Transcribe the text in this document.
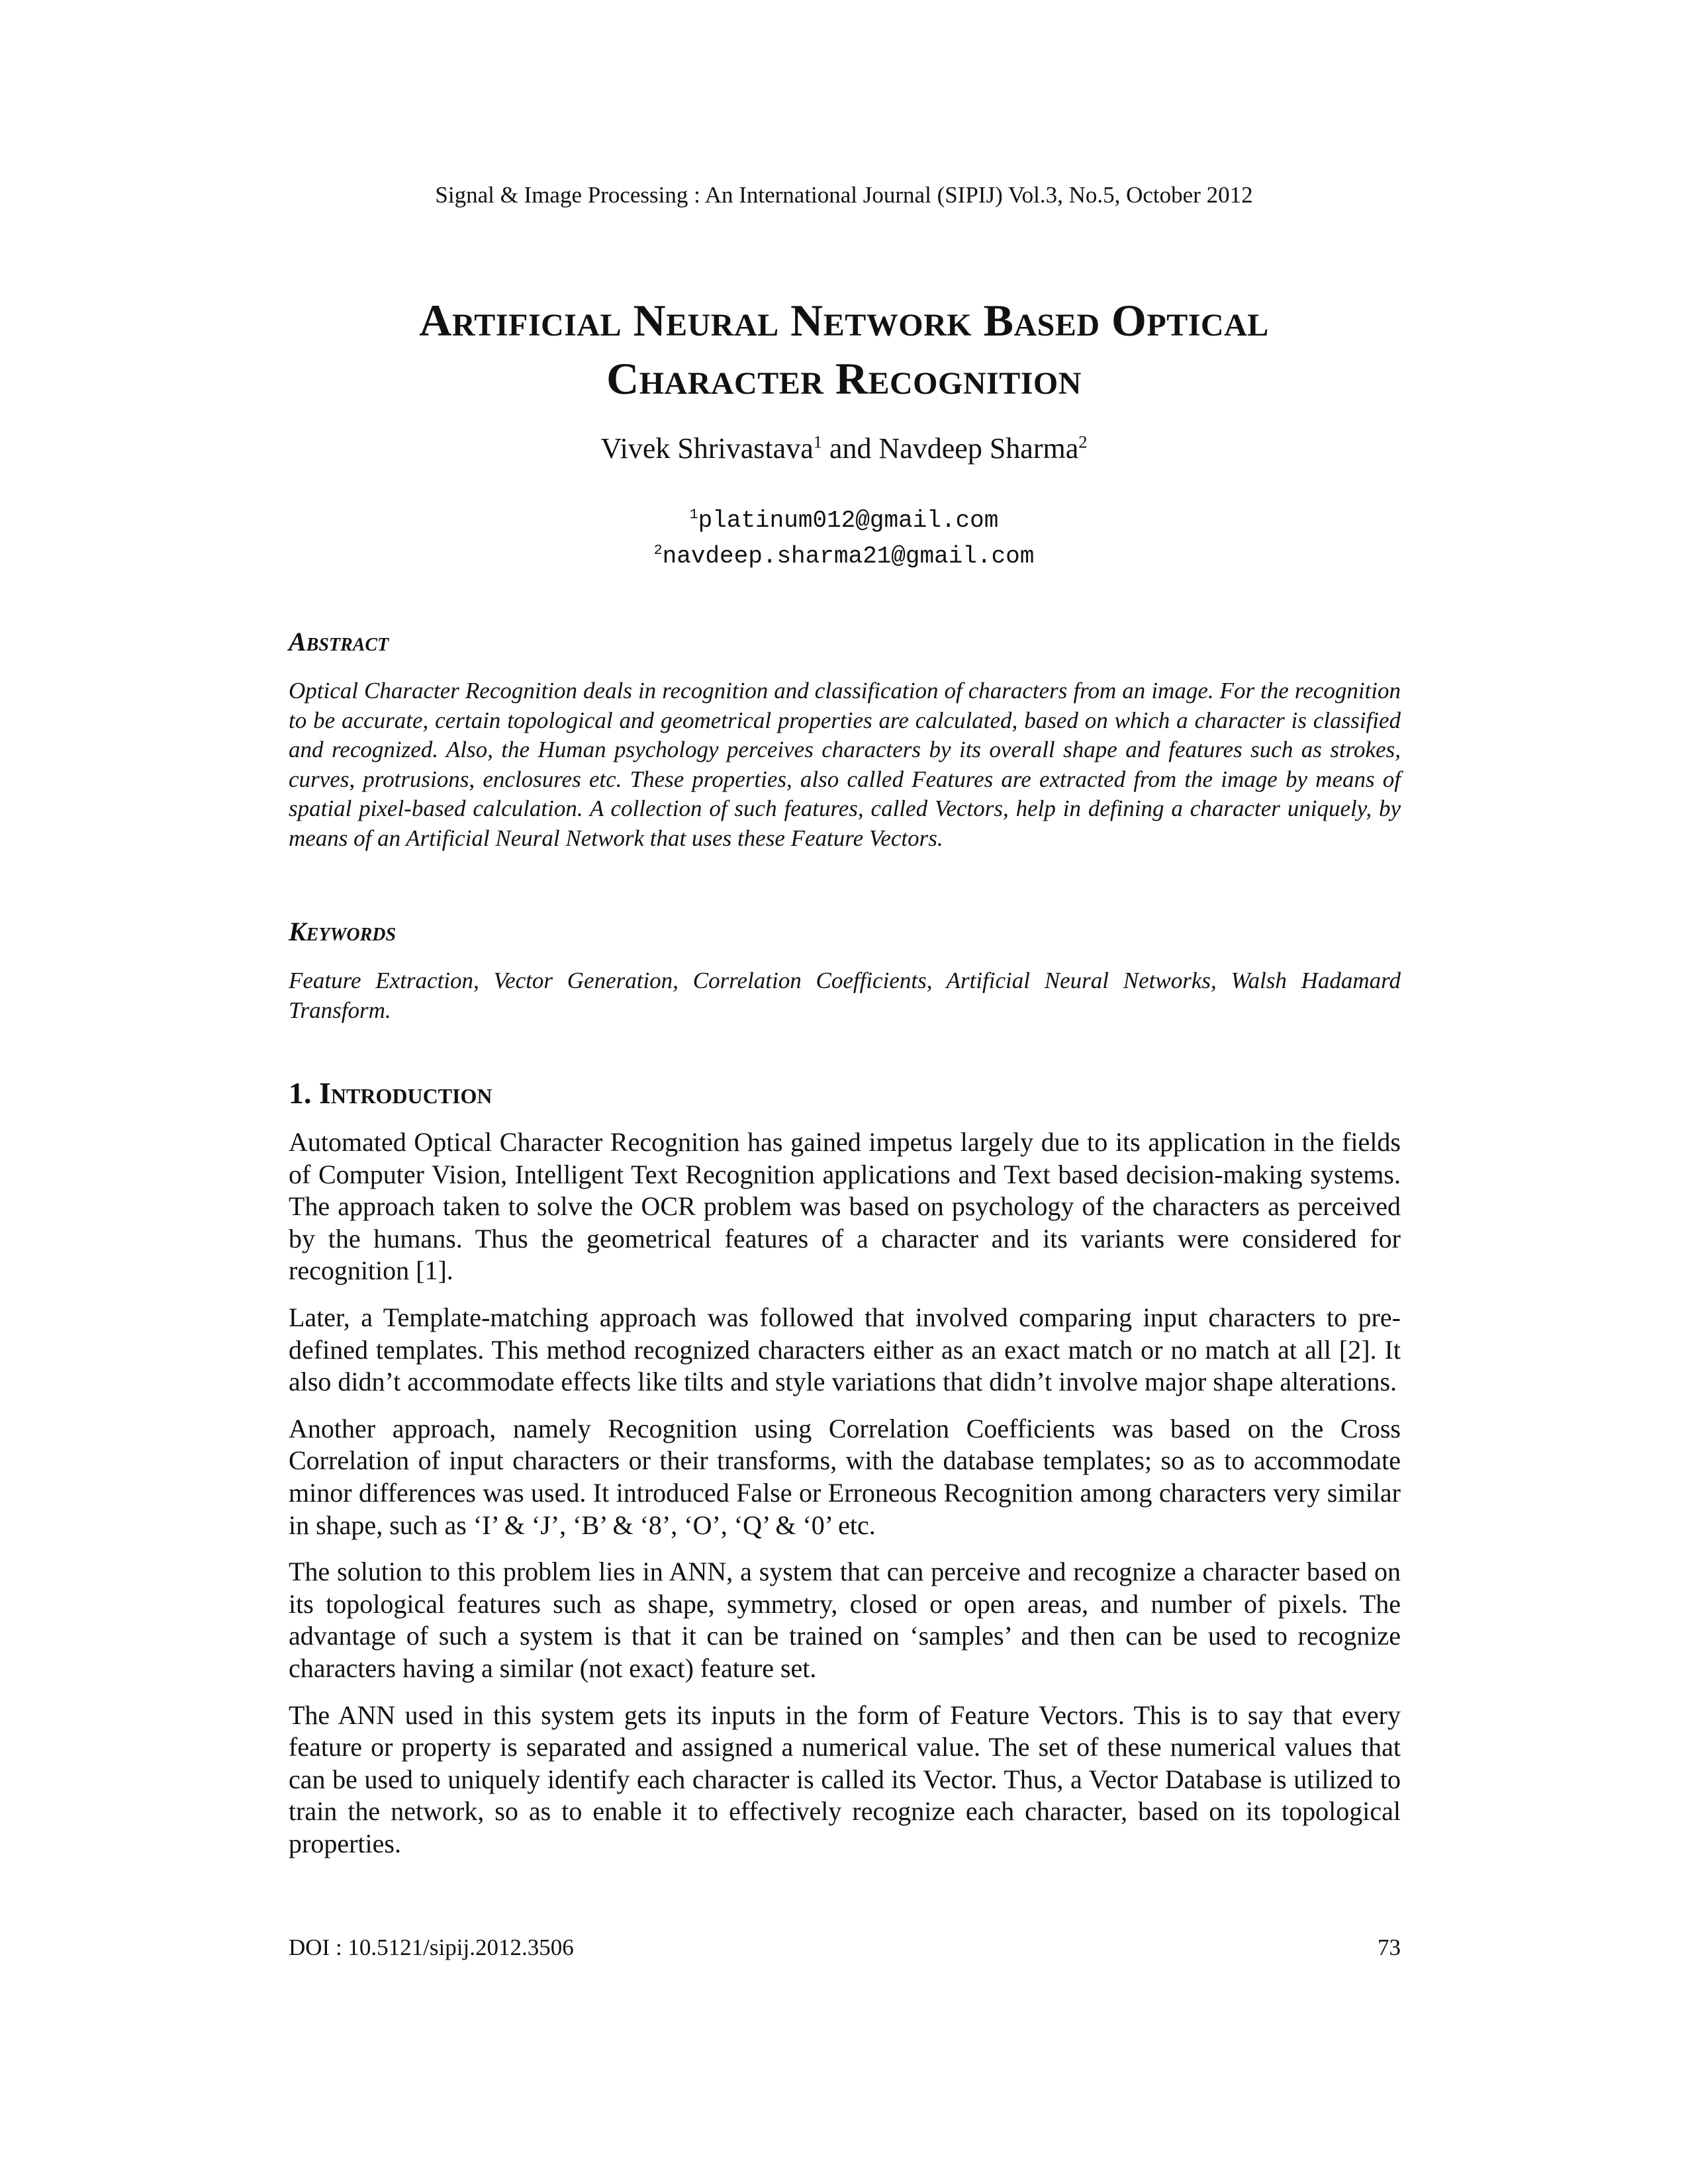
Signal & Image Processing : An International Journal (SIPIJ) Vol.3, No.5, October 2012
Artificial Neural Network Based Optical
Character Recognition
Vivek Shrivastava$^1$ and Navdeep Sharma$^2$
$^1$platinum012@gmail.com
$^2$navdeep.sharma21@gmail.com
Abstract
Optical Character Recognition deals in recognition and classification of characters from an image. For the recognition to be accurate, certain topological and geometrical properties are calculated, based on which a character is classified and recognized. Also, the Human psychology perceives characters by its overall shape and features such as strokes, curves, protrusions, enclosures etc. These properties, also called Features are extracted from the image by means of spatial pixel-based calculation. A collection of such features, called Vectors, help in defining a character uniquely, by means of an Artificial Neural Network that uses these Feature Vectors.
Keywords
Feature Extraction, Vector Generation, Correlation Coefficients, Artificial Neural Networks, Walsh Hadamard Transform.
1. Introduction

Automated Optical Character Recognition has gained impetus largely due to its application in the fields of Computer Vision, Intelligent Text Recognition applications and Text based decision-making systems. The approach taken to solve the OCR problem was based on psychology of the characters as perceived by the humans. Thus the geometrical features of a character and its variants were considered for recognition [1].

Later, a Template-matching approach was followed that involved comparing input characters to pre-defined templates. This method recognized characters either as an exact match or no match at all [2]. It also didn’t accommodate effects like tilts and style variations that didn’t involve major shape alterations.

Another approach, namely Recognition using Correlation Coefficients was based on the Cross Correlation of input characters or their transforms, with the database templates; so as to accommodate minor differences was used. It introduced False or Erroneous Recognition among characters very similar in shape, such as ‘I’ & ‘J’, ‘B’ & ‘8’, ‘O’, ‘Q’ & ‘0’ etc.

The solution to this problem lies in ANN, a system that can perceive and recognize a character based on its topological features such as shape, symmetry, closed or open areas, and number of pixels. The advantage of such a system is that it can be trained on ‘samples’ and then can be used to recognize characters having a similar (not exact) feature set.

The ANN used in this system gets its inputs in the form of Feature Vectors. This is to say that every feature or property is separated and assigned a numerical value. The set of these numerical values that can be used to uniquely identify each character is called its Vector. Thus, a Vector Database is utilized to train the network, so as to enable it to effectively recognize each character, based on its topological properties.

DOI : 10.5121/sipij.2012.3506	73
